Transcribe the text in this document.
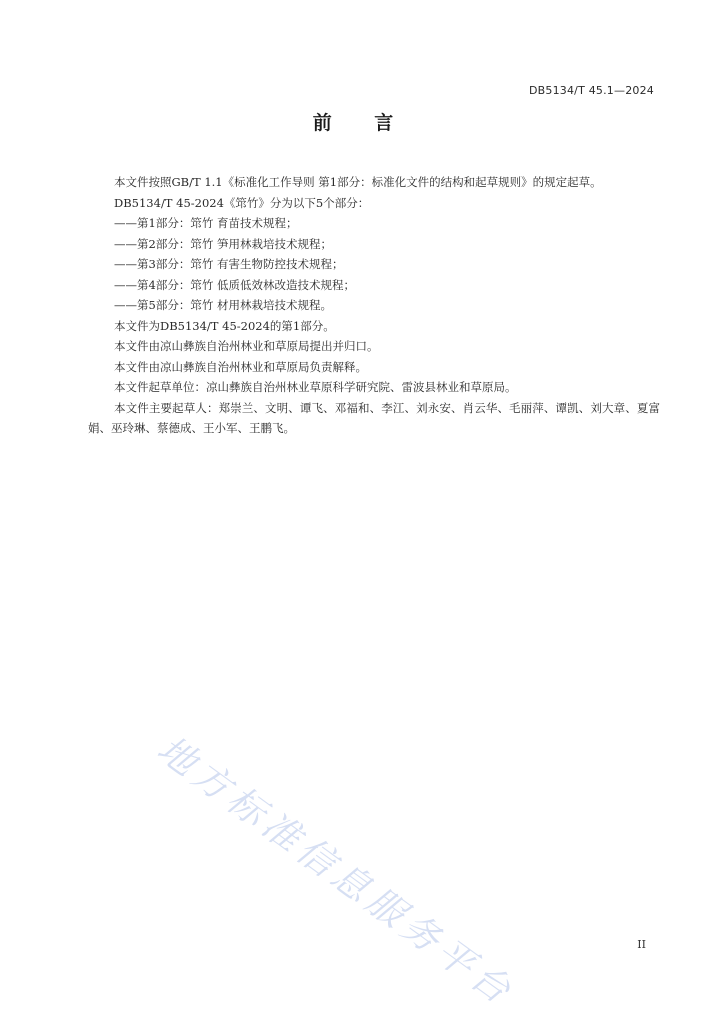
DB5134/T 45.1—2024
前 言

本文件按照GB/T 1.1《标准化工作导则 第1部分：标准化文件的结构和起草规则》的规定起草。

DB5134/T 45-2024《筇竹》分为以下5个部分：

——第1部分：筇竹 育苗技术规程；

——第2部分：筇竹 笋用林栽培技术规程；

——第3部分：筇竹 有害生物防控技术规程；

——第4部分：筇竹 低质低效林改造技术规程；

——第5部分：筇竹 材用林栽培技术规程。

本文件为DB5134/T 45-2024的第1部分。

本文件由凉山彝族自治州林业和草原局提出并归口。

本文件由凉山彝族自治州林业和草原局负责解释。

本文件起草单位：凉山彝族自治州林业草原科学研究院、雷波县林业和草原局。

本文件主要起草人：郑崇兰、文明、谭飞、邓福和、李江、刘永安、肖云华、毛丽萍、谭凯、刘大章、夏富娟、巫玲琳、蔡德成、王小军、王鹏飞。

地方标准信息服务平台	II
